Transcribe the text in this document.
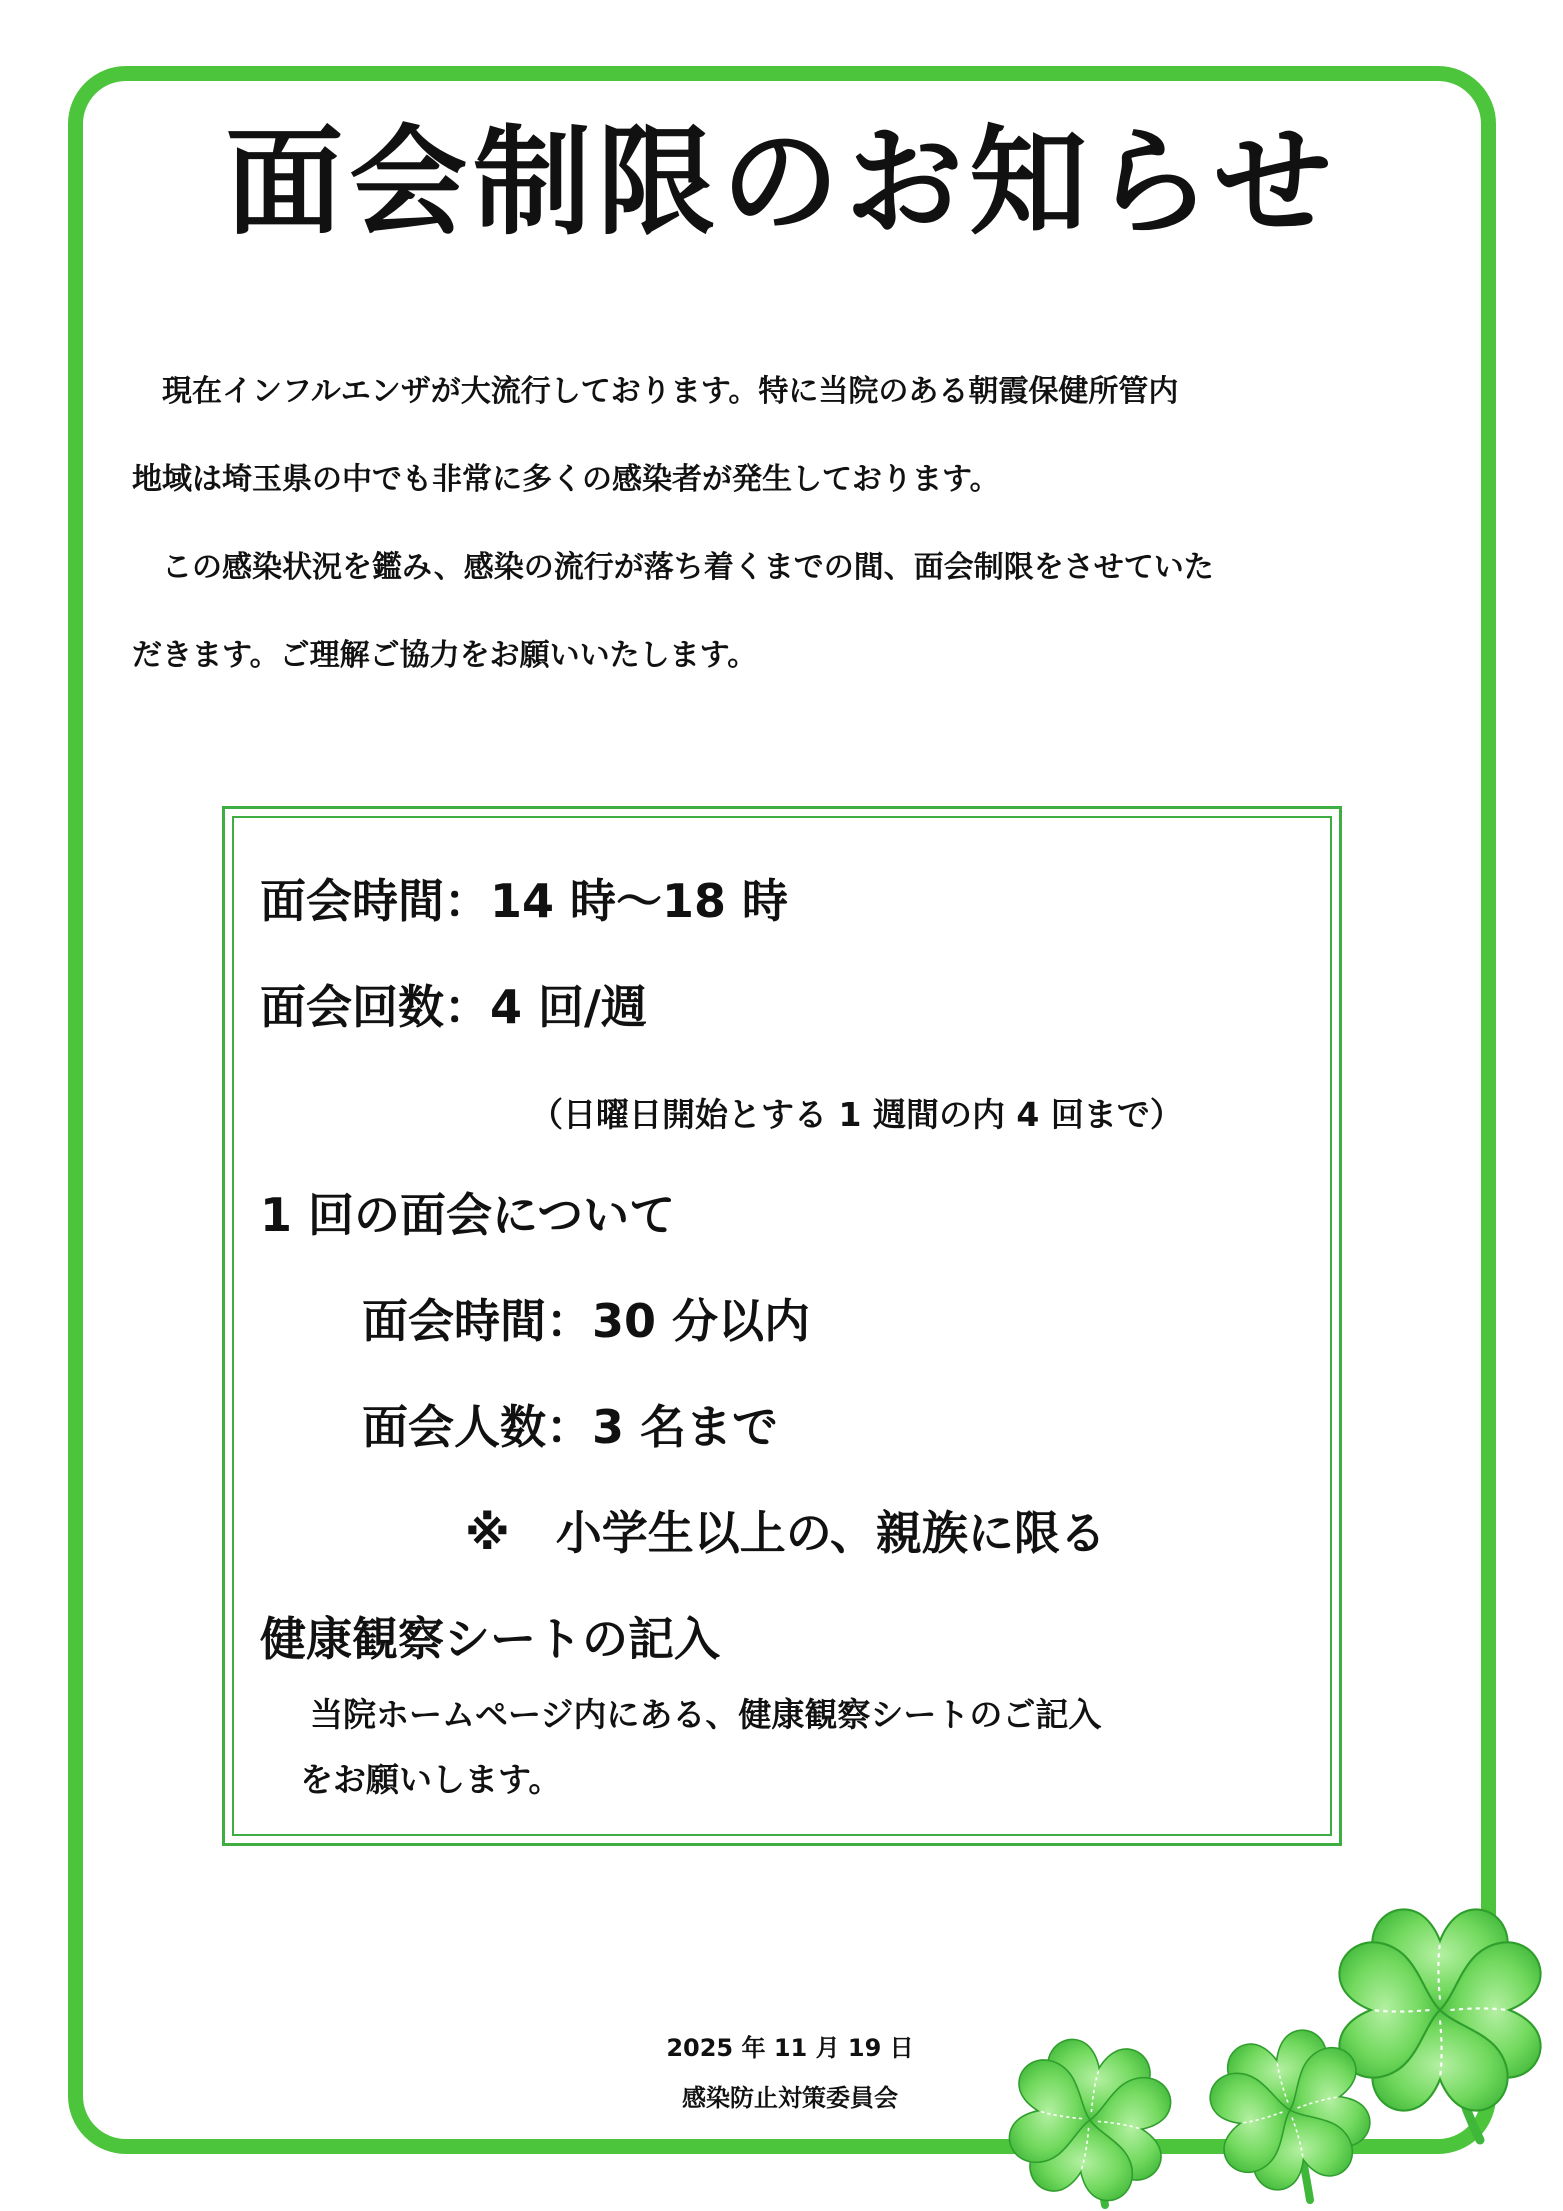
面会制限のお知らせ

　現在インフルエンザが大流行しております。特に当院のある朝霞保健所管内

地域は埼玉県の中でも非常に多くの感染者が発生しております。

　この感染状況を鑑み、感染の流行が落ち着くまでの間、面会制限をさせていた

だきます。ご理解ご協力をお願いいたします。

面会時間：14 時～18 時
面会回数：4 回/週
（日曜日開始とする 1 週間の内 4 回まで）
1 回の面会について
面会時間：30 分以内
面会人数：3 名まで
※　小学生以上の、親族に限る
健康観察シートの記入
当院ホームページ内にある、健康観察シートのご記入
をお願いします。
2025 年 11 月 19 日
感染防止対策委員会
